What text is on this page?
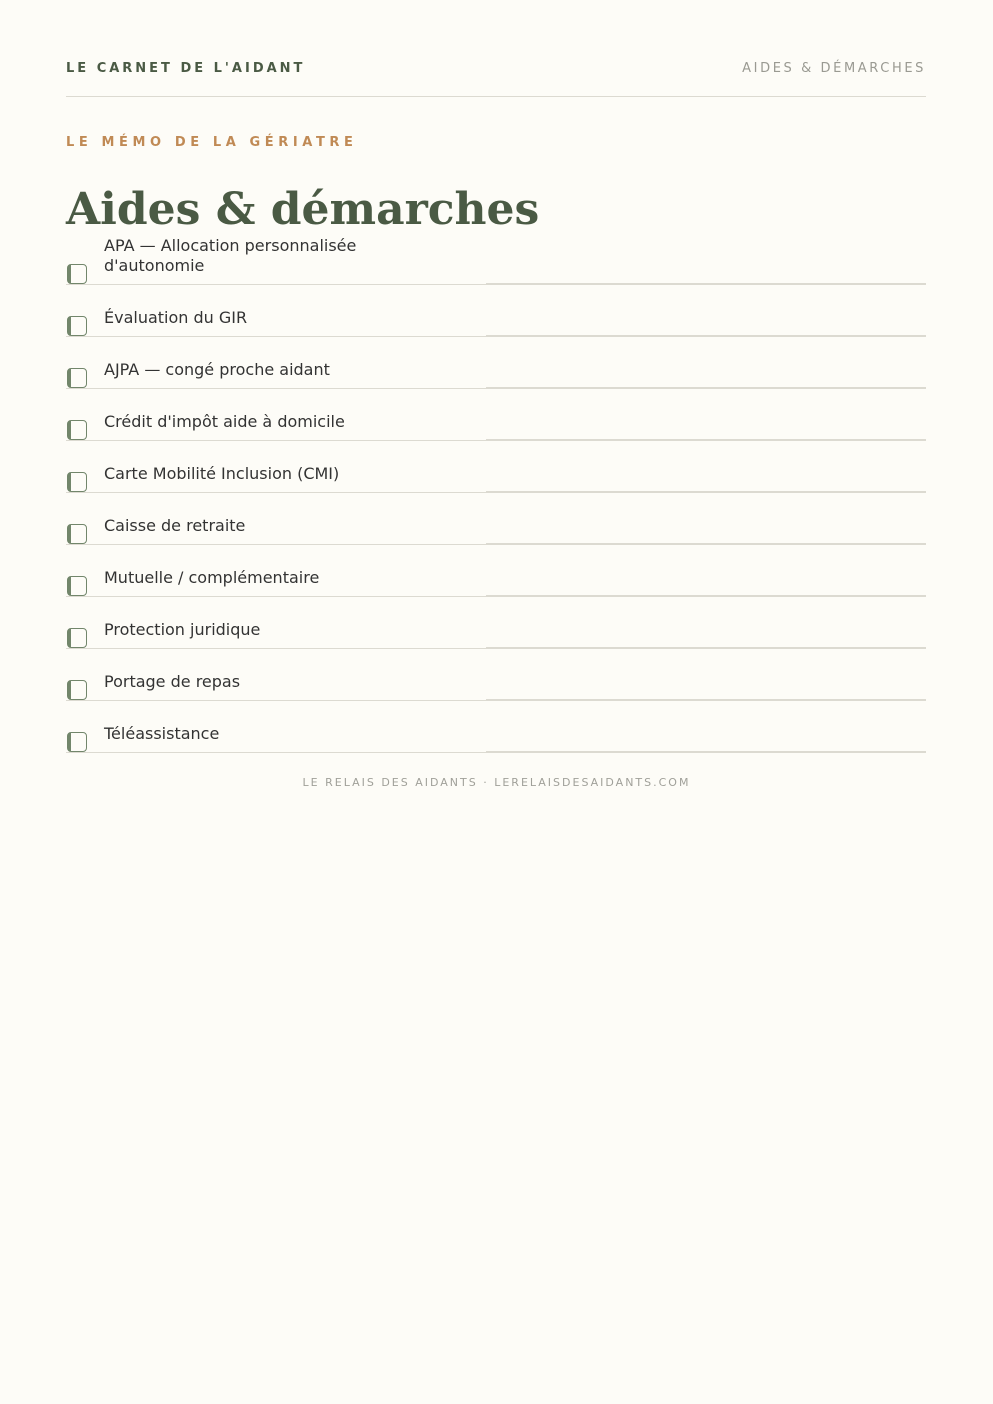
LE CARNET DE L'AIDANT	AIDES & DÉMARCHES
LE MÉMO DE LA GÉRIATRE
Aides & démarches
APA — Allocation personnalisée d'autonomie
Évaluation du GIR
AJPA — congé proche aidant
Crédit d'impôt aide à domicile
Carte Mobilité Inclusion (CMI)
Caisse de retraite
Mutuelle / complémentaire
Protection juridique
Portage de repas
Téléassistance
LE RELAIS DES AIDANTS · LERELAISDESAIDANTS.COM
